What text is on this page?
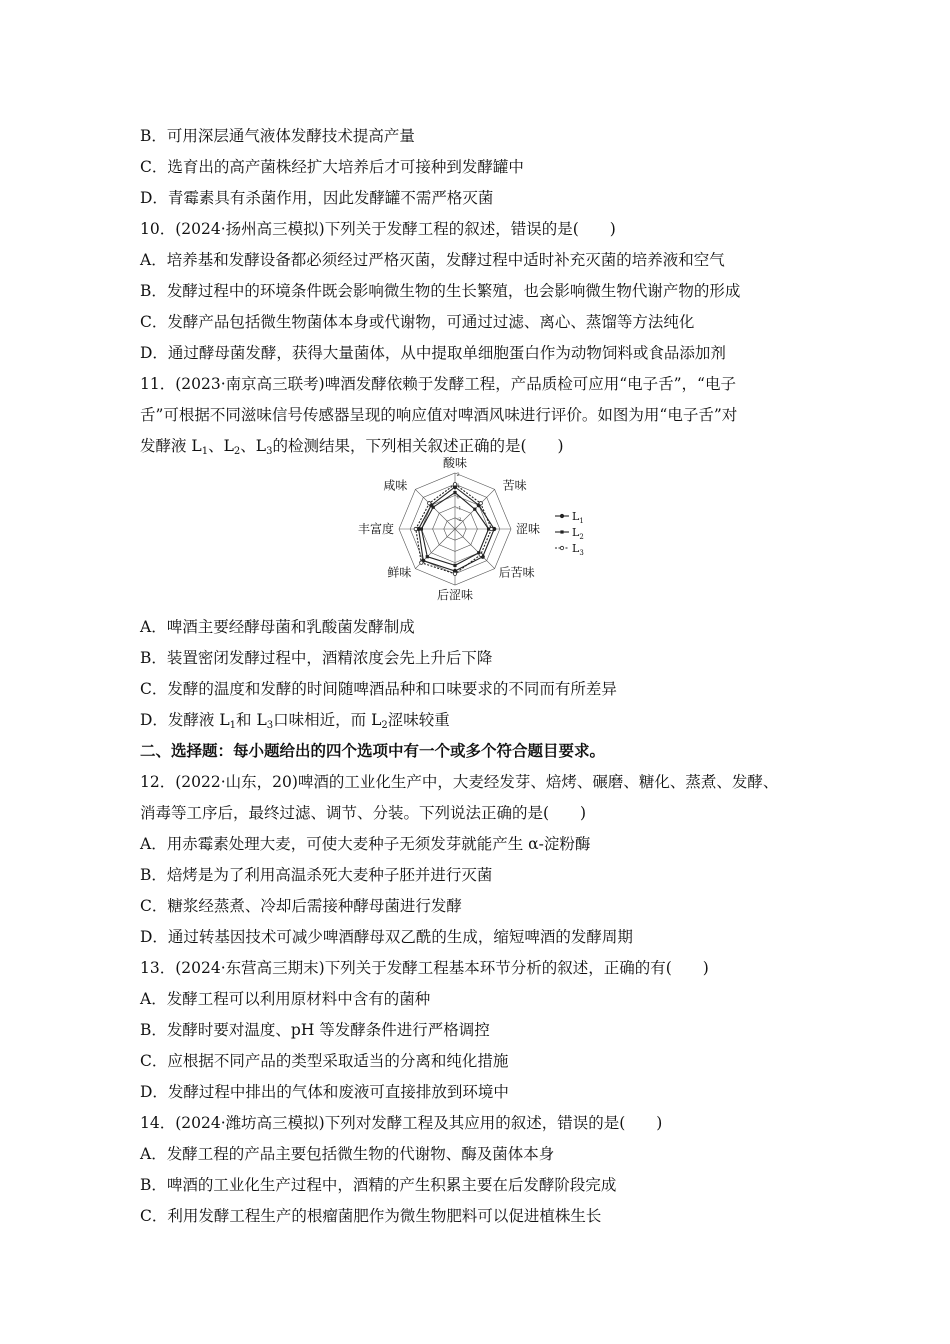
B．可用深层通气液体发酵技术提高产量
C．选育出的高产菌株经扩大培养后才可接种到发酵罐中
D．青霉素具有杀菌作用，因此发酵罐不需严格灭菌
10．(2024·扬州高三模拟)下列关于发酵工程的叙述，错误的是(　　)
A．培养基和发酵设备都必须经过严格灭菌，发酵过程中适时补充灭菌的培养液和空气
B．发酵过程中的环境条件既会影响微生物的生长繁殖，也会影响微生物代谢产物的形成
C．发酵产品包括微生物菌体本身或代谢物，可通过过滤、离心、蒸馏等方法纯化
D．通过酵母菌发酵，获得大量菌体，从中提取单细胞蛋白作为动物饲料或食品添加剂
11．(2023·南京高三联考)啤酒发酵依赖于发酵工程，产品质检可应用“电子舌”，“电子
舌”可根据不同滋味信号传感器呈现的响应值对啤酒风味进行评价。如图为用“电子舌”对
发酵液 $L_1$、$L_2$、$L_3$的检测结果，下列相关叙述正确的是(　　)
2
1
0
-1
-2
酸味
苦味
涩味
后苦味
后涩味
鲜味
丰富度
咸味
$L_1$
$L_2$
$L_3$
A．啤酒主要经酵母菌和乳酸菌发酵制成
B．装置密闭发酵过程中，酒精浓度会先上升后下降
C．发酵的温度和发酵的时间随啤酒品种和口味要求的不同而有所差异
D．发酵液 $L_1$和 $L_3$口味相近，而 $L_2$涩味较重
二、选择题：每小题给出的四个选项中有一个或多个符合题目要求。
12．(2022·山东，20)啤酒的工业化生产中，大麦经发芽、焙烤、碾磨、糖化、蒸煮、发酵、
消毒等工序后，最终过滤、调节、分装。下列说法正确的是(　　)
A．用赤霉素处理大麦，可使大麦种子无须发芽就能产生 α-淀粉酶
B．焙烤是为了利用高温杀死大麦种子胚并进行灭菌
C．糖浆经蒸煮、冷却后需接种酵母菌进行发酵
D．通过转基因技术可减少啤酒酵母双乙酰的生成，缩短啤酒的发酵周期
13．(2024·东营高三期末)下列关于发酵工程基本环节分析的叙述，正确的有(　　)
A．发酵工程可以利用原材料中含有的菌种
B．发酵时要对温度、pH 等发酵条件进行严格调控
C．应根据不同产品的类型采取适当的分离和纯化措施
D．发酵过程中排出的气体和废液可直接排放到环境中
14．(2024·潍坊高三模拟)下列对发酵工程及其应用的叙述，错误的是(　　)
A．发酵工程的产品主要包括微生物的代谢物、酶及菌体本身
B．啤酒的工业化生产过程中，酒精的产生积累主要在后发酵阶段完成
C．利用发酵工程生产的根瘤菌肥作为微生物肥料可以促进植株生长
